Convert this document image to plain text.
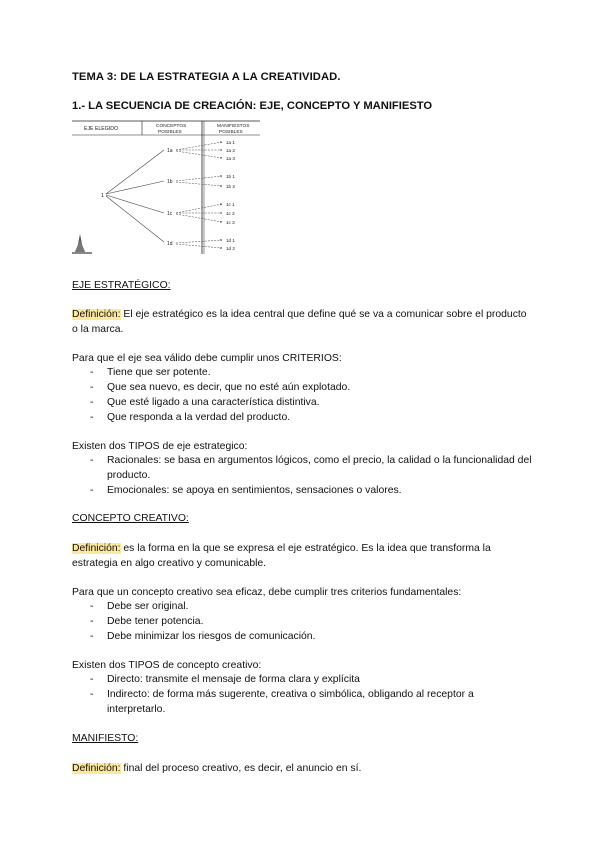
TEMA 3: DE LA ESTRATEGIA A LA CREATIVIDAD.
1.- LA SECUENCIA DE CREACIÓN: EJE, CONCEPTO Y MANIFIESTO
EJE ELEGIDO	CONCEPTOS
POSIBLES
MANIFIESTOS
POSIBLES
1
1a
1b
1c
1d
1a 1
1a 2
1a 3
1b 1
1b 2
1c 1
1c 2
1c 3
1d 1
1d 2
EJE ESTRATÉGICO:
Definición: El eje estratégico es la idea central que define qué se va a comunicar sobre el producto o la marca.
Para que el eje sea válido debe cumplir unos CRITERIOS:
- Tiene que ser potente.
- Que sea nuevo, es decir, que no esté aún explotado.
- Que esté ligado a una característica distintiva.
- Que responda a la verdad del producto.
Existen dos TIPOS de eje estrategico:
- Racionales: se basa en argumentos lógicos, como el precio, la calidad o la funcionalidad del producto.
- Emocionales: se apoya en sentimientos, sensaciones o valores.
CONCEPTO CREATIVO:
Definición: es la forma en la que se expresa el eje estratégico. Es la idea que transforma la estrategia en algo creativo y comunicable.
Para que un concepto creativo sea eficaz, debe cumplir tres criterios fundamentales:
- Debe ser original.
- Debe tener potencia.
- Debe minimizar los riesgos de comunicación.
Existen dos TIPOS de concepto creativo:
- Directo: transmite el mensaje de forma clara y explícita
- Indirecto: de forma más sugerente, creativa o simbólica, obligando al receptor a interpretarlo.
MANIFIESTO:
Definición: final del proceso creativo, es decir, el anuncio en sí.
